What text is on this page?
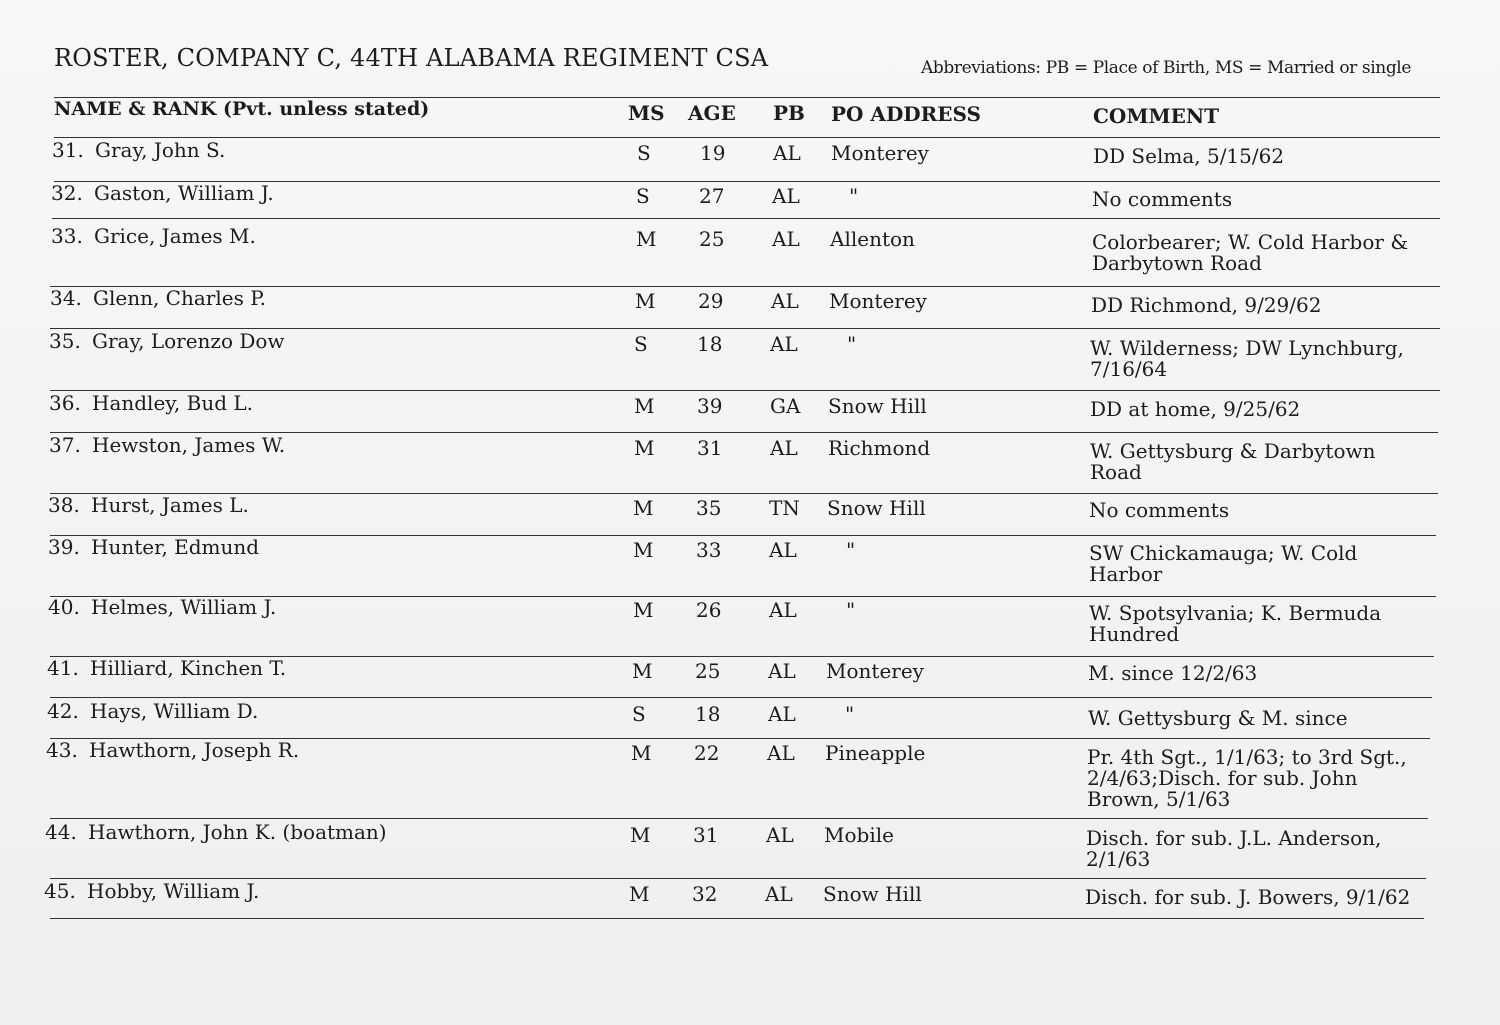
ROSTER, COMPANY C, 44TH ALABAMA REGIMENT CSA	Abbreviations: PB = Place of Birth, MS = Married or single
NAME & RANK (Pvt. unless stated)	MS AGE PB PO ADDRESS	COMMENT
31. Gray, John S.	S 19 AL Monterey	DD Selma, 5/15/62
32. Gaston, William J.	S 27 AL "	No comments
33. Grice, James M.	M 25 AL Allenton	Colorbearer; W. Cold Harbor &
Darbytown Road
34. Glenn, Charles P.	M 29 AL Monterey	DD Richmond, 9/29/62
35. Gray, Lorenzo Dow	S 18 AL "	W. Wilderness; DW Lynchburg,
7/16/64
36. Handley, Bud L.	M 39 GA Snow Hill	DD at home, 9/25/62
37. Hewston, James W.	M 31 AL Richmond	W. Gettysburg & Darbytown
Road
38. Hurst, James L.	M 35 TN Snow Hill	No comments
39. Hunter, Edmund	M 33 AL "	SW Chickamauga; W. Cold
Harbor
40. Helmes, William J.	M 26 AL "	W. Spotsylvania; K. Bermuda
Hundred
41. Hilliard, Kinchen T.	M 25 AL Monterey	M. since 12/2/63
42. Hays, William D.	S 18 AL "	W. Gettysburg & M. since
43. Hawthorn, Joseph R.	M 22 AL Pineapple	Pr. 4th Sgt., 1/1/63; to 3rd Sgt.,
2/4/63;Disch. for sub. John
Brown, 5/1/63
44. Hawthorn, John K. (boatman)	M 31 AL Mobile	Disch. for sub. J.L. Anderson,
2/1/63
45. Hobby, William J.	M 32 AL Snow Hill	Disch. for sub. J. Bowers, 9/1/62
